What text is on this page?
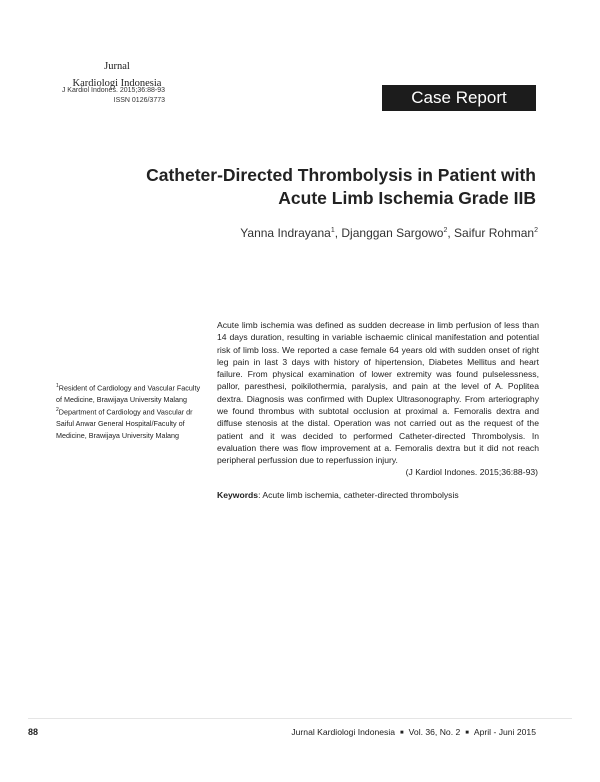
Jurnal
Kardiologi Indonesia
J Kardiol Indones. 2015;36:88-93
ISSN 0126/3773	Case Report
Catheter-Directed Thrombolysis in Patient with
Acute Limb Ischemia Grade IIB
Yanna Indrayana$^1$, Djanggan Sargowo$^2$, Saifur Rohman$^2$
Acute limb ischemia was defined as sudden decrease in limb perfusion of less than 14 days duration, resulting in variable ischaemic clinical manifestation and potential risk of limb loss. We reported a case female 64 years old with sudden onset of right leg pain in last 3 days with history of hipertension, Diabetes Mellitus and heart failure. From physical examination of lower extremity was found pulselessness, pallor, paresthesi, poikilothermia, paralysis, and pain at the level of A. Poplitea dextra. Diagnosis was confirmed with Duplex Ultrasonography. From arteriography we found thrombus with subtotal occlusion at proximal a. Femoralis dextra and diffuse stenosis at the distal. Operation was not carried out as the request of the patient and it was decided to performed Catheter-directed Thrombolysis. In evaluation there was flow improvement at a. Femoralis dextra but it did not reach peripheral perfussion due to reperfussion injury.
(J Kardiol Indones. 2015;36:88-93)
Keywords: Acute limb ischemia, catheter-directed thrombolysis
$^1$Resident of Cardiology and Vascular Faculty of Medicine, Brawijaya University Malang
$^2$Department of Cardiology and Vascular dr Saiful Anwar General Hospital/Faculty of Medicine, Brawijaya University Malang
88	Jurnal Kardiologi Indonesia ■ Vol. 36, No. 2 ■ April - Juni 2015
